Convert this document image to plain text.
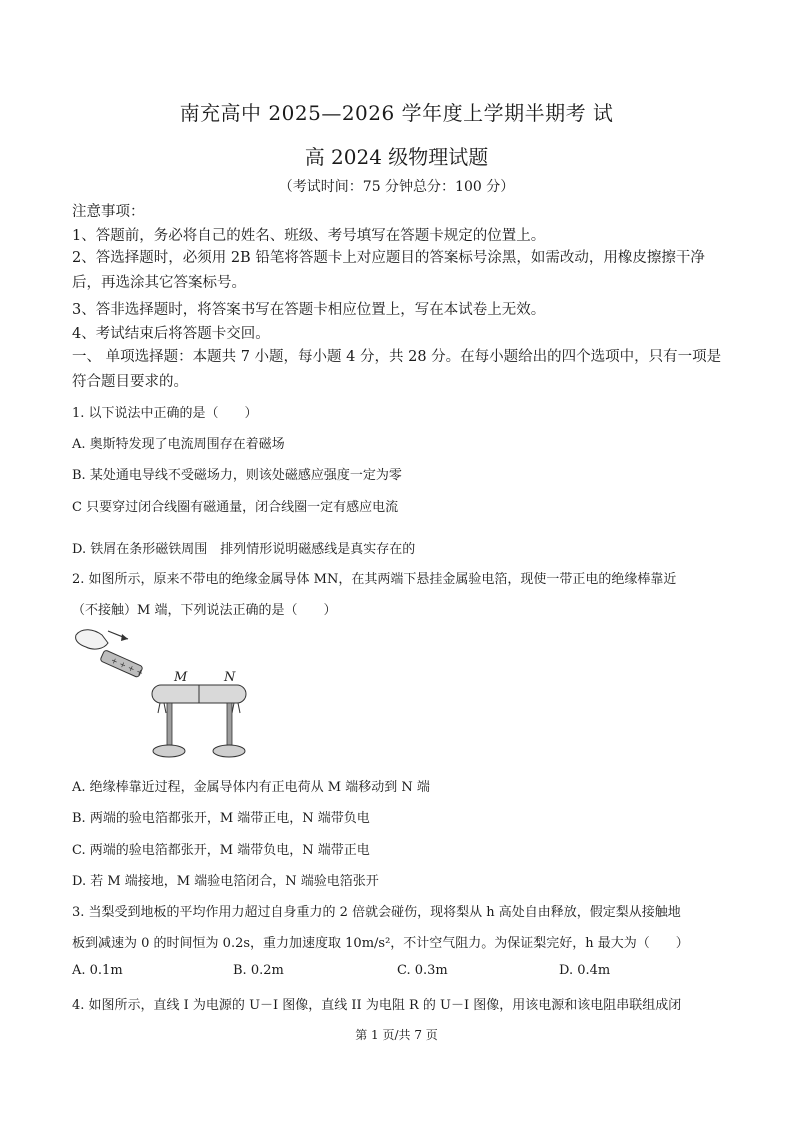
南充高中 2025—2026 学年度上学期半期考 试
高 2024 级物理试题
（考试时间：75 分钟总分：100 分）
注意事项：
1、答题前，务必将自己的姓名、班级、考号填写在答题卡规定的位置上。
2、答选择题时，必须用 2B 铅笔将答题卡上对应题目的答案标号涂黑，如需改动，用橡皮擦擦干净后，再选涂其它答案标号。
3、答非选择题时，将答案书写在答题卡相应位置上，写在本试卷上无效。
4、考试结束后将答题卡交回。
一、 单项选择题：本题共 7 小题，每小题 4 分，共 28 分。在每小题给出的四个选项中，只有一项是符合题目要求的。
1. 以下说法中正确的是（　　）
A. 奥斯特发现了电流周围存在着磁场
B. 某处通电导线不受磁场力，则该处磁感应强度一定为零
C 只要穿过闭合线圈有磁通量，闭合线圈一定有感应电流
D. 铁屑在条形磁铁周围　排列情形说明磁感线是真实存在的
2. 如图所示，原来不带电的绝缘金属导体 MN，在其两端下悬挂金属验电箔，现使一带正电的绝缘棒靠近
（不接触）M 端，下列说法正确的是（　　）
+ + + + M	N
A. 绝缘棒靠近过程，金属导体内有正电荷从 M 端移动到 N 端
B. 两端的验电箔都张开，M 端带正电，N 端带负电
C. 两端的验电箔都张开，M 端带负电，N 端带正电
D. 若 M 端接地，M 端验电箔闭合，N 端验电箔张开
3. 当梨受到地板的平均作用力超过自身重力的 2 倍就会碰伤，现将梨从 h 高处自由释放，假定梨从接触地
板到减速为 0 的时间恒为 0.2s，重力加速度取 10m/s²，不计空气阻力。为保证梨完好，h 最大为（　　）
A. 0.1m	B. 0.2m	C. 0.3m	D. 0.4m
4. 如图所示，直线 I 为电源的 U－I 图像，直线 II 为电阻 R 的 U－I 图像，用该电源和该电阻串联组成闭
第 1 页/共 7 页
